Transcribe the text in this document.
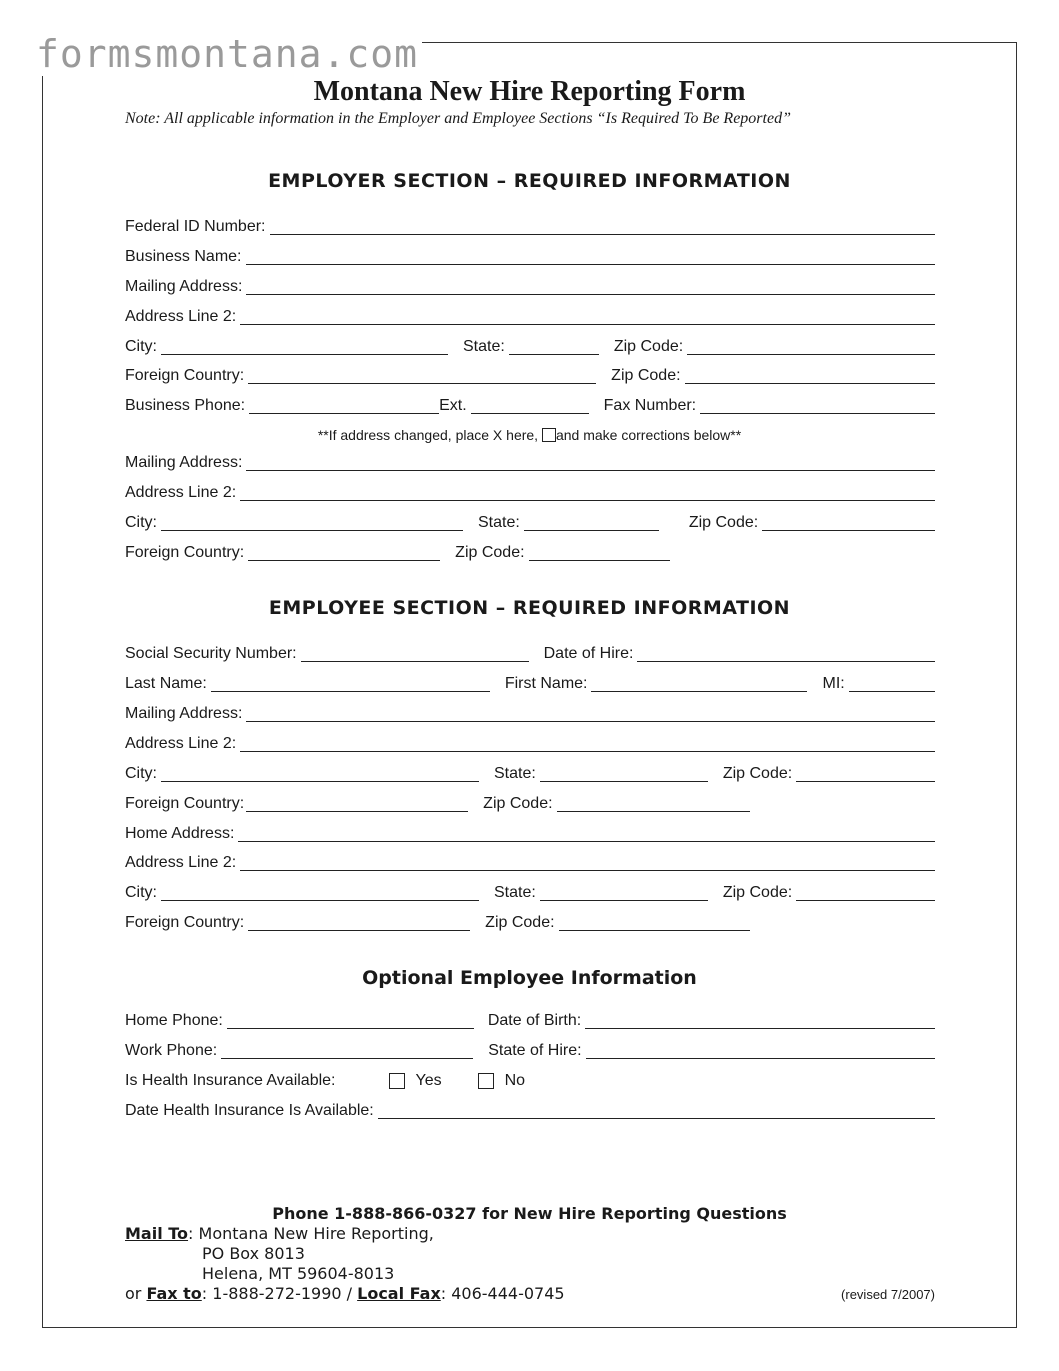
formsmontana.com
Montana New Hire Reporting Form
Note: All applicable information in the Employer and Employee Sections “Is Required To Be Reported”
EMPLOYER SECTION – REQUIRED INFORMATION
Federal ID Number:
Business Name:
Mailing Address:
Address Line 2:
City:	State:	Zip Code:
Foreign Country:	Zip Code:
Business Phone:	Ext.	Fax Number:
**If address changed, place X here, and make corrections below**
Mailing Address:
Address Line 2:
City:	State:	Zip Code:
Foreign Country:	Zip Code:
EMPLOYEE SECTION – REQUIRED INFORMATION
Social Security Number:	Date of Hire:
Last Name:	First Name:	MI:
Mailing Address:
Address Line 2:
City:	State:	Zip Code:
Foreign Country:	Zip Code:
Home Address:
Address Line 2:
City:	State:	Zip Code:
Foreign Country:	Zip Code:
Optional Employee Information
Home Phone:	Date of Birth:
Work Phone:	State of Hire:
Is Health Insurance Available:	Yes	No
Date Health Insurance Is Available:
Phone 1-888-866-0327 for New Hire Reporting Questions
Mail To: Montana New Hire Reporting,
PO Box 8013
Helena, MT 59604-8013
or Fax to: 1-888-272-1990 / Local Fax: 406-444-0745	(revised 7/2007)
